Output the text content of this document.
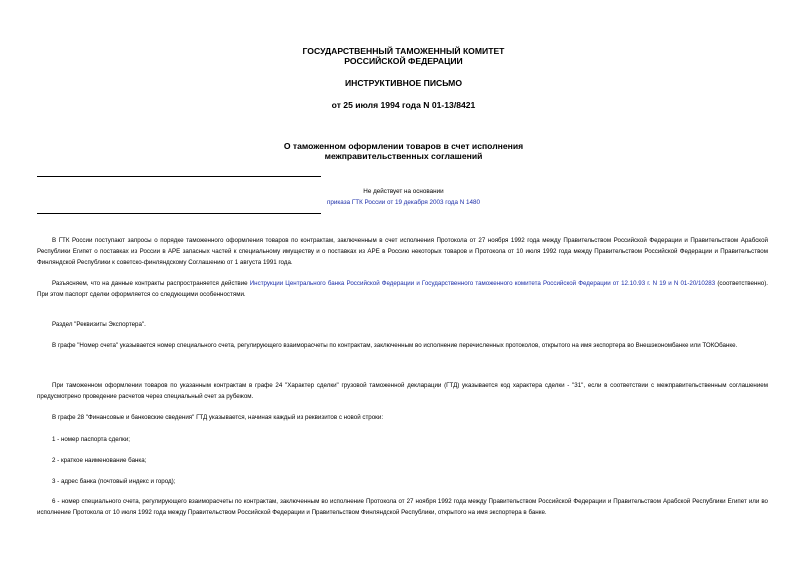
ГОСУДАРСТВЕННЫЙ ТАМОЖЕННЫЙ КОМИТЕТ
РОССИЙСКОЙ ФЕДЕРАЦИИ
ИНСТРУКТИВНОЕ ПИСЬМО
от 25 июля 1994 года N 01-13/8421
О таможенном оформлении товаров в счет исполнения
межправительственных соглашений
Не действует на основании
приказа ГТК России от 19 декабря 2003 года N 1480
В ГТК России поступают запросы о порядке таможенного оформления товаров по контрактам, заключенным в счет исполнения Протокола от 27 ноября 1992 года между Правительством Российской Федерации и Правительством Арабской Республики Египет о поставках из России в АРЕ запасных частей к специальному имуществу и о поставках из АРЕ в Россию некоторых товаров и Протокола от 10 июля 1992 года между Правительством Российской Федерации и Правительством Финляндской Республики к советско-финляндскому Соглашению от 1 августа 1991 года.
Разъясняем, что на данные контракты распространяется действие Инструкции Центрального банка Российской Федерации и Государственного таможенного комитета Российской Федерации от 12.10.93 г. N 19 и N 01-20/10283 (соответственно). При этом паспорт сделки оформляется со следующими особенностями.
Раздел "Реквизиты Экспортера".
В графе "Номер счета" указывается номер специального счета, регулирующего взаиморасчеты по контрактам, заключенным во исполнение перечисленных протоколов, открытого на имя экспортера во Внешэкономбанке или ТОКОбанке.
При таможенном оформлении товаров по указанным контрактам в графе 24 "Характер сделки" грузовой таможенной декларации (ГТД) указывается код характера сделки - "31", если в соответствии с межправительственным соглашением предусмотрено проведение расчетов через специальный счет за рубежом.
В графе 28 "Финансовые и банковские сведения" ГТД указывается, начиная каждый из реквизитов с новой строки:
1 - номер паспорта сделки;
2 - краткое наименование банка;
3 - адрес банка (почтовый индекс и город);
6 - номер специального счета, регулирующего взаиморасчеты по контрактам, заключенным во исполнение Протокола от 27 ноября 1992 года между Правительством Российской Федерации и Правительством Арабской Республики Египет или во исполнение Протокола от 10 июля 1992 года между Правительством Российской Федерации и Правительством Финляндской Республики, открытого на имя экспортера в банке.
